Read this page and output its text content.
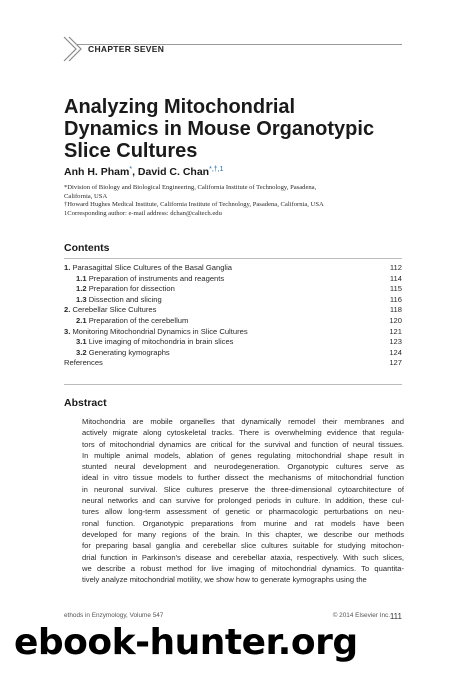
CHAPTER SEVEN
Analyzing Mitochondrial
Dynamics in Mouse Organotypic
Slice Cultures
Anh H. Pham*, David C. Chan$^{*,\dagger,1}$
*Division of Biology and Biological Engineering, California Institute of Technology, Pasadena,
California, USA
†Howard Hughes Medical Institute, California Institute of Technology, Pasadena, California, USA
1Corresponding author: e-mail address: dchan@caltech.edu
Contents
1. Parasagittal Slice Cultures of the Basal Ganglia	112
1.1 Preparation of instruments and reagents	114
1.2 Preparation for dissection	115
1.3 Dissection and slicing	116
2. Cerebellar Slice Cultures	118
2.1 Preparation of the cerebellum	120
3. Monitoring Mitochondrial Dynamics in Slice Cultures	121
3.1 Live imaging of mitochondria in brain slices	123
3.2 Generating kymographs	124
References	127
Abstract
Mitochondria are mobile organelles that dynamically remodel their membranes and
actively migrate along cytoskeletal tracks. There is overwhelming evidence that regula-
tors of mitochondrial dynamics are critical for the survival and function of neural tissues.
In multiple animal models, ablation of genes regulating mitochondrial shape result in
stunted neural development and neurodegeneration. Organotypic cultures serve as
ideal in vitro tissue models to further dissect the mechanisms of mitochondrial function
in neuronal survival. Slice cultures preserve the three-dimensional cytoarchitecture of
neural networks and can survive for prolonged periods in culture. In addition, these cul-
tures allow long-term assessment of genetic or pharmacologic perturbations on neu-
ronal function. Organotypic preparations from murine and rat models have been
developed for many regions of the brain. In this chapter, we describe our methods
for preparing basal ganglia and cerebellar slice cultures suitable for studying mitochon-
drial function in Parkinson's disease and cerebellar ataxia, respectively. With such slices,
we describe a robust method for live imaging of mitochondrial dynamics. To quantita-
tively analyze mitochondrial motility, we show how to generate kymographs using the
ethods in Enzymology, Volume 547	© 2014 Elsevier Inc. 111
ebook-hunter.org
